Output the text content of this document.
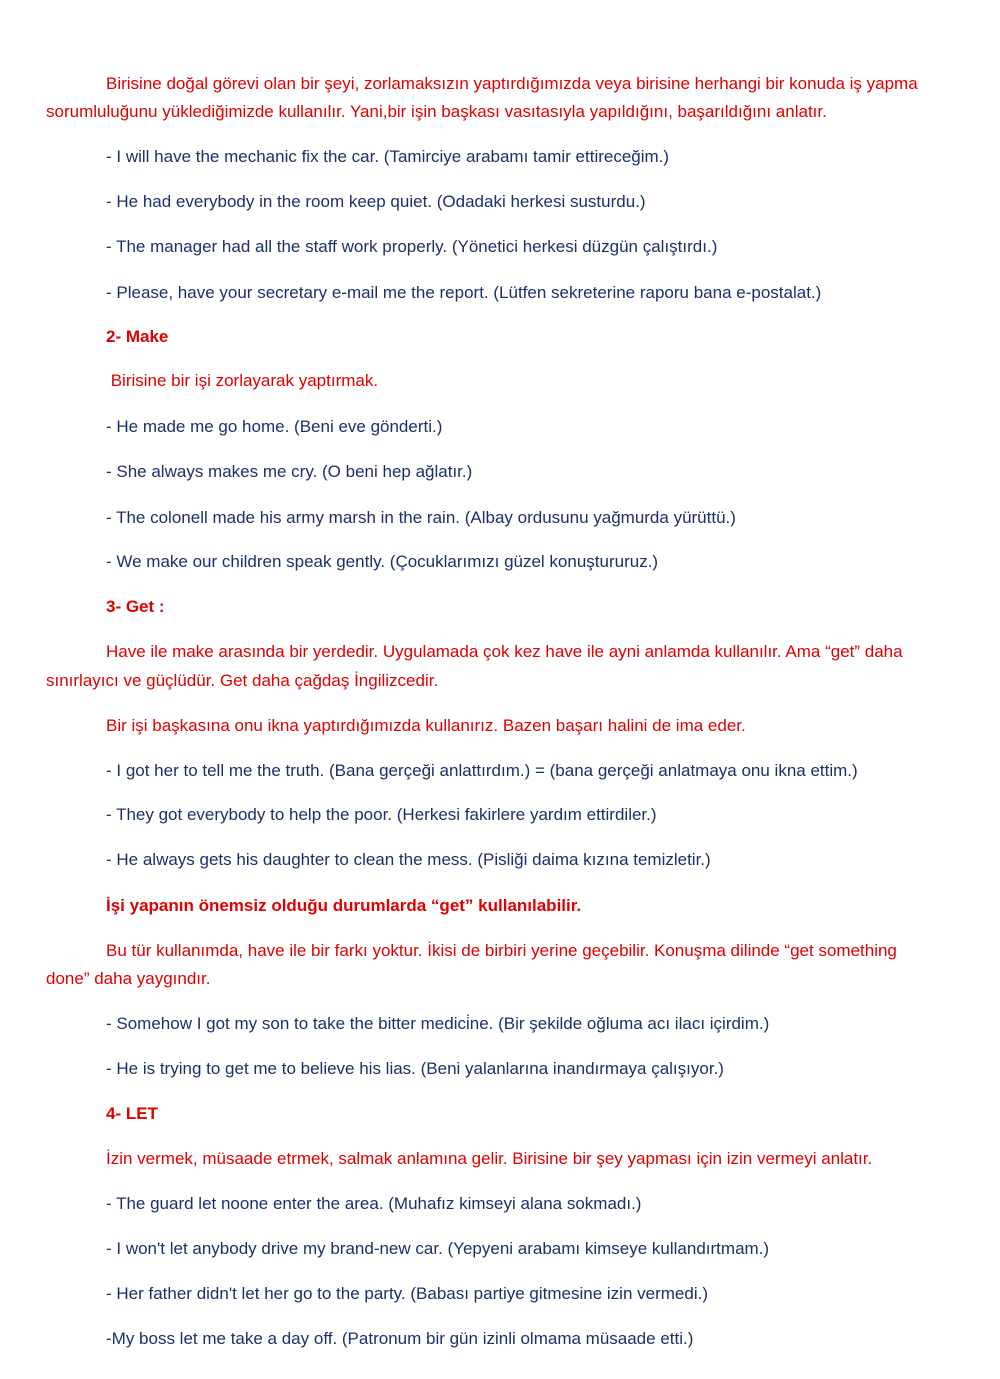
Birisine doğal görevi olan bir şeyi, zorlamaksızın yaptırdığımızda veya birisine herhangi bir konuda iş yapma

sorumluluğunu yüklediğimizde kullanılır. Yani,bir işin başkası vasıtasıyla yapıldığını, başarıldığını anlatır.

- I will have the mechanic fix the car. (Tamirciye arabamı tamir ettireceğim.)

- He had everybody in the room keep quiet. (Odadaki herkesi susturdu.)

- The manager had all the staff work properly. (Yönetici herkesi düzgün çalıştırdı.)

- Please, have your secretary e-mail me the report. (Lütfen sekreterine raporu bana e-postalat.)

2- Make

Birisine bir işi zorlayarak yaptırmak.

- He made me go home. (Beni eve gönderti.)

- She always makes me cry. (O beni hep ağlatır.)

- The colonell made his army marsh in the rain. (Albay ordusunu yağmurda yürüttü.)

- We make our children speak gently. (Çocuklarımızı güzel konuştururuz.)

3- Get :

Have ile make arasında bir yerdedir. Uygulamada çok kez have ile ayni anlamda kullanılır. Ama “get” daha

sınırlayıcı ve güçlüdür. Get daha çağdaş İngilizcedir.

Bir işi başkasına onu ikna yaptırdığımızda kullanırız. Bazen başarı halini de ima eder.

- I got her to tell me the truth. (Bana gerçeği anlattırdım.) = (bana gerçeği anlatmaya onu ikna ettim.)

- They got everybody to help the poor. (Herkesi fakirlere yardım ettirdiler.)

- He always gets his daughter to clean the mess. (Pisliği daima kızına temizletir.)

İşi yapanın önemsiz olduğu durumlarda “get” kullanılabilir.

Bu tür kullanımda, have ile bir farkı yoktur. İkisi de birbiri yerine geçebilir. Konuşma dilinde “get something

done” daha yaygındır.

- Somehow I got my son to take the bitter medici̇ne. (Bir şekilde oğluma acı ilacı içirdim.)

- He is trying to get me to believe his lias. (Beni yalanlarına inandırmaya çalışıyor.)

4- LET

İzin vermek, müsaade etrmek, salmak anlamına gelir. Birisine bir şey yapması için izin vermeyi anlatır.

- The guard let noone enter the area. (Muhafız kimseyi alana sokmadı.)

- I won't let anybody drive my brand-new car. (Yepyeni arabamı kimseye kullandırtmam.)

- Her father didn't let her go to the party. (Babası partiye gitmesine izin vermedi.)

-My boss let me take a day off. (Patronum bir gün izinli olmama müsaade etti.)
